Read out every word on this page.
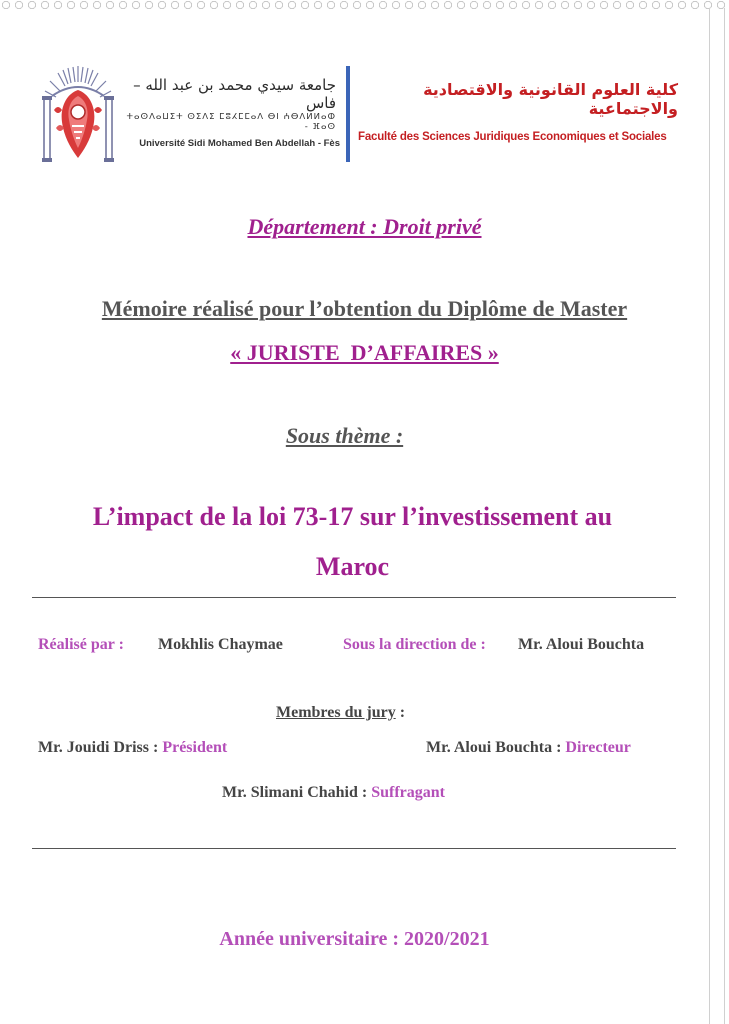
جامعة سيدي محمد بن عبد الله – فاس
ⵜⴰⵙⴷⴰⵡⵉⵜ ⵙⵉⴷⵉ ⵎⵓⵃⵎⵎⴰⴷ ⴱⵏ ⵄⴱⴷⵍⵍⴰⵀ - ⴼⴰⵙ
Université Sidi Mohamed Ben Abdellah - Fès
كلية العلوم القانونية والاقتصادية والاجتماعية
Faculté des Sciences Juridiques Economiques et Sociales
Département : Droit privé
Mémoire réalisé pour l’obtention du Diplôme de Master
« JURISTE  D’AFFAIRES »
Sous thème :
L’impact de la loi 73-17 sur l’investissement au
Maroc
Réalisé par : Mokhlis Chaymae	Sous la direction de : Mr. Aloui Bouchta
Membres du jury :
Mr. Jouidi Driss : Président	Mr. Aloui Bouchta : Directeur
Mr. Slimani Chahid : Suffragant
Année universitaire : 2020/2021
